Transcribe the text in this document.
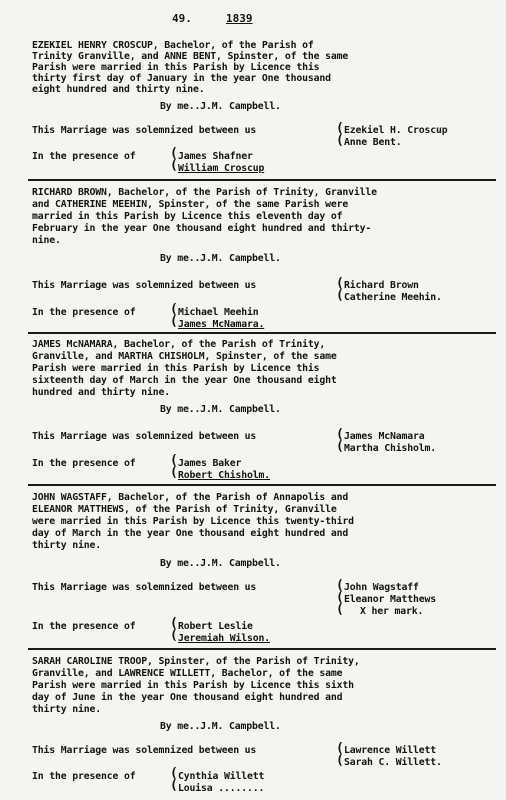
49.	1839
EZEKIEL HENRY CROSCUP, Bachelor, of the Parish of
Trinity Granville, and ANNE BENT, Spinster, of the same
Parish were married in this Parish by Licence this
thirty first day of January in the year One thousand
eight hundred and thirty nine.
By me..J.M. Campbell.
This Marriage was solemnized between us	(
(
Ezekiel H. Croscup
Anne Bent.
In the presence of	(
(
James Shafner
William Croscup
RICHARD BROWN, Bachelor, of the Parish of Trinity, Granville
and CATHERINE MEEHIN, Spinster, of the same Parish were
married in this Parish by Licence this eleventh day of
February in the year One thousand eight hundred and thirty-
nine.
By me..J.M. Campbell.
This Marriage was solemnized between us	(
(
Richard Brown
Catherine Meehin.
In the presence of	(
(
Michael Meehin
James McNamara.
JAMES McNAMARA, Bachelor, of the Parish of Trinity,
Granville, and MARTHA CHISHOLM, Spinster, of the same
Parish were married in this Parish by Licence this
sixteenth day of March in the year One thousand eight
hundred and thirty nine.
By me..J.M. Campbell.
This Marriage was solemnized between us	(
(
James McNamara
Martha Chisholm.
In the presence of	(
(
James Baker
Robert Chisholm.
JOHN WAGSTAFF, Bachelor, of the Parish of Annapolis and
ELEANOR MATTHEWS, of the Parish of Trinity, Granville
were married in this Parish by Licence this twenty-third
day of March in the year One thousand eight hundred and
thirty nine.
By me..J.M. Campbell.
This Marriage was solemnized between us	(
(
(
John Wagstaff
Eleanor Matthews
X her mark.
In the presence of	(
(
Robert Leslie
Jeremiah Wilson.
SARAH CAROLINE TROOP, Spinster, of the Parish of Trinity,
Granville, and LAWRENCE WILLETT, Bachelor, of the same
Parish were married in this Parish by Licence this sixth
day of June in the year One thousand eight hundred and
thirty nine.
By me..J.M. Campbell.
This Marriage was solemnized between us	(
(
Lawrence Willett
Sarah C. Willett.
In the presence of	(
(
Cynthia Willett
Louisa ........
